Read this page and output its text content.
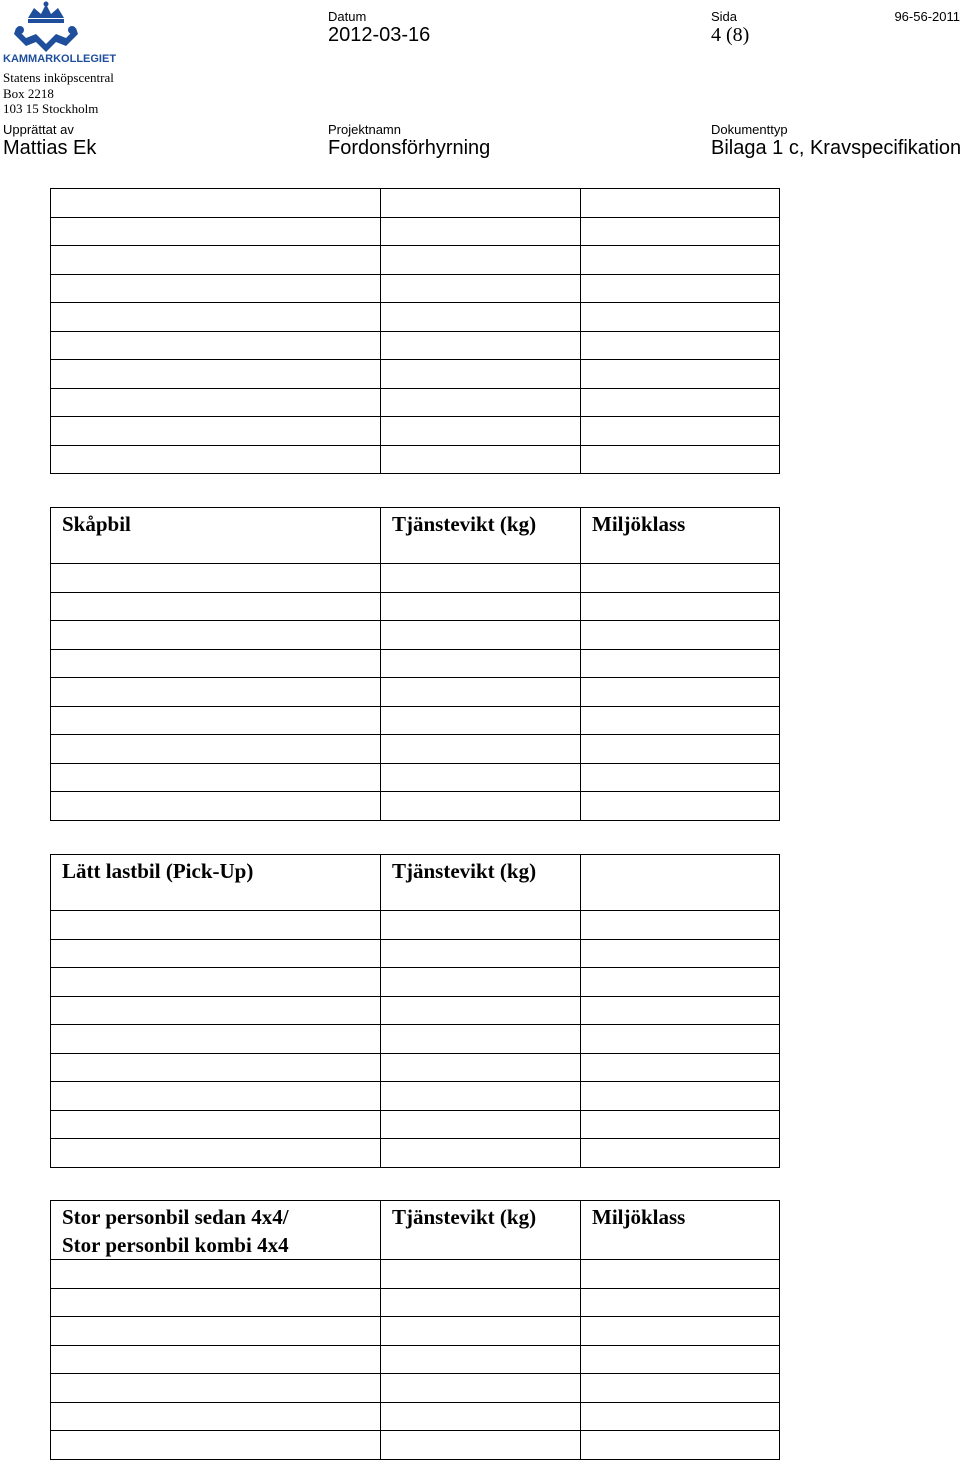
KAMMARKOLLEGIET
Statens inköpscentral
Box 2218
103 15 Stockholm
Datum
2012-03-16
Sida
4 (8)
96-56-2011
Upprättat av
Mattias Ek
Projektnamn
Fordonsförhyrning
Dokumenttyp
Bilaga 1 c, Kravspecifikation

Skåpbil	Tjänstevikt (kg)	Miljöklass

Lätt lastbil (Pick-Up)	Tjänstevikt (kg)	

Stor personbil sedan 4x4/
Stor personbil kombi 4x4	Tjänstevikt (kg)	Miljöklass
